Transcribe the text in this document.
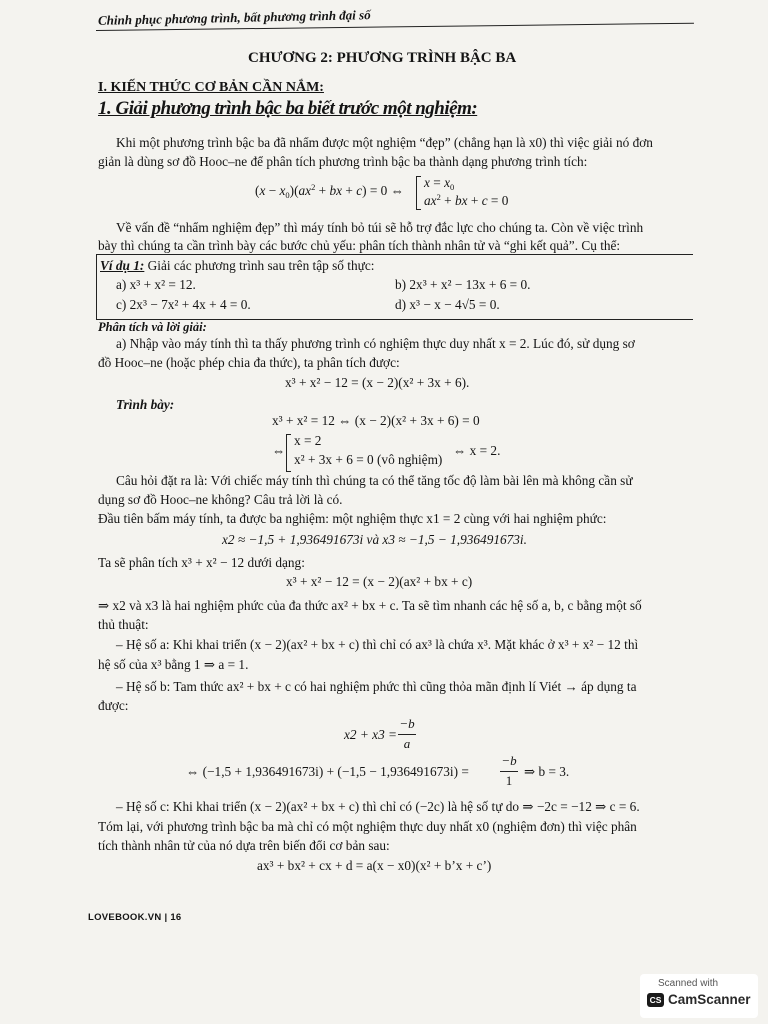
Chinh phục phương trình, bất phương trình đại số
CHƯƠNG 2: PHƯƠNG TRÌNH BẬC BA
I. KIẾN THỨC CƠ BẢN CẦN NẮM:
1. Giải phương trình bậc ba biết trước một nghiệm:
Khi một phương trình bậc ba đã nhẩm được một nghiệm “đẹp” (chẳng hạn là x0) thì việc giải nó đơn
giản là dùng sơ đồ Hooc–ne để phân tích phương trình bậc ba thành dạng phương trình tích:
$(x - x_0)(ax^2$ + bx + c) = 0 ⇔
$x = x_0$
$ax^2$ + bx + c = 0
Về vấn đề “nhẩm nghiệm đẹp” thì máy tính bỏ túi sẽ hỗ trợ đắc lực cho chúng ta. Còn về việc trình
bày thì chúng ta cần trình bày các bước chủ yếu: phân tích thành nhân tử và “ghi kết quả”. Cụ thể:
Ví dụ 1: Giải các phương trình sau trên tập số thực:
a) x³ + x² = 12.	b) 2x³ + x² − 13x + 6 = 0.
c) 2x³ − 7x² + 4x + 4 = 0.	d) x³ − x − 4√5 = 0.
Phân tích và lời giải:
a) Nhập vào máy tính thì ta thấy phương trình có nghiệm thực duy nhất x = 2. Lúc đó, sử dụng sơ
đồ Hooc–ne (hoặc phép chia đa thức), ta phân tích được:
x³ + x² − 12 = (x − 2)(x² + 3x + 6).
Trình bày:
x³ + x² = 12 ⇔ (x − 2)(x² + 3x + 6) = 0
⇔
x = 2
x² + 3x + 6 = 0 (vô nghiệm)
⇔ x = 2.
Câu hỏi đặt ra là: Với chiếc máy tính thì chúng ta có thể tăng tốc độ làm bài lên mà không cần sử
dụng sơ đồ Hooc–ne không? Câu trả lời là có.
Đầu tiên bấm máy tính, ta được ba nghiệm: một nghiệm thực x1 = 2 cùng với hai nghiệm phức:
x2 ≈ −1,5 + 1,936491673i và x3 ≈ −1,5 − 1,936491673i.
Ta sẽ phân tích x³ + x² − 12 dưới dạng:
x³ + x² − 12 = (x − 2)(ax² + bx + c)
⇒ x2 và x3 là hai nghiệm phức của đa thức ax² + bx + c. Ta sẽ tìm nhanh các hệ số a, b, c bằng một số
thủ thuật:
– Hệ số a: Khi khai triển (x − 2)(ax² + bx + c) thì chỉ có ax³ là chứa x³. Mặt khác ở x³ + x² − 12 thì
hệ số của x³ bằng 1 ⇒ a = 1.
– Hệ số b: Tam thức ax² + bx + c có hai nghiệm phức thì cũng thỏa mãn định lí Viét → áp dụng ta
được:
x2 + x3 =
−b
a
⇔ (−1,5 + 1,936491673i) + (−1,5 − 1,936491673i) =
−b
1
⇒ b = 3.
– Hệ số c: Khi khai triển (x − 2)(ax² + bx + c) thì chỉ có (−2c) là hệ số tự do ⇒ −2c = −12 ⇒ c = 6.
Tóm lại, với phương trình bậc ba mà chỉ có một nghiệm thực duy nhất x0 (nghiệm đơn) thì việc phân
tích thành nhân tử của nó dựa trên biến đổi cơ bản sau:
ax³ + bx² + cx + d = a(x − x0)(x² + b’x + c’)
LOVEBOOK.VN | 16
Scanned with
CS CamScanner
